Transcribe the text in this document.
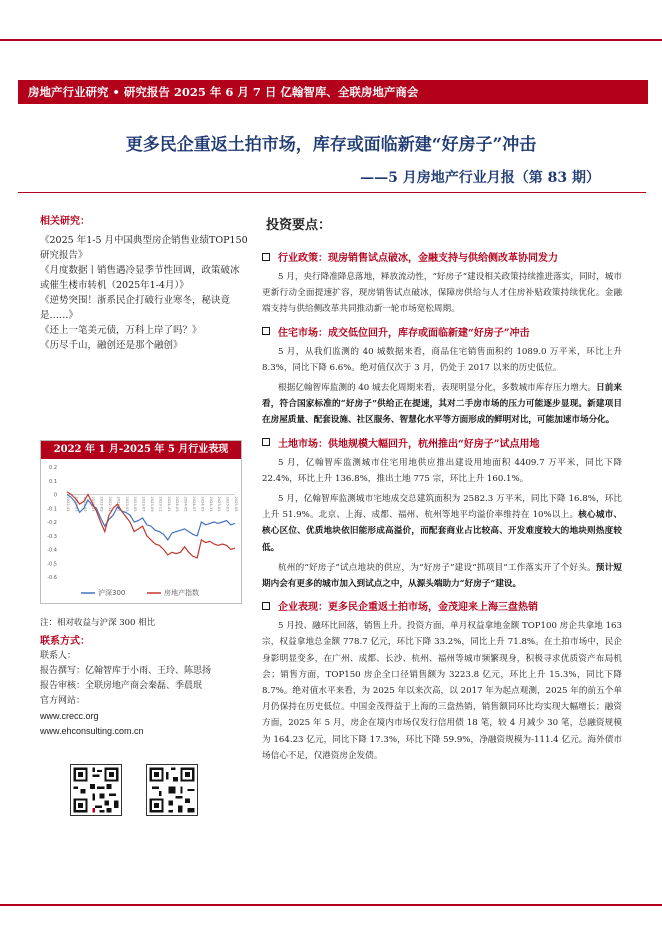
房地产行业研究 • 研究报告 2025 年 6 月 7 日 亿翰智库、全联房地产商会
更多民企重返土拍市场，库存或面临新建“好房子”冲击
——5 月房地产行业月报（第 83 期）
相关研究：
《2025 年1-5 月中国典型房企销售业绩TOP150研究报告》
《月度数据丨销售遇冷显季节性回调，政策破冰或催生楼市转机（2025年1-4月）》
《逆势突围！浙系民企打破行业寒冬，秘诀竟是……》
《还上一笔美元债，万科上岸了吗？》
《历尽千山，融创还是那个融创》
2022 年 1 月-2025 年 5 月行业表现
0.2
0.1
0
-0.1
-0.2
-0.3
-0.4
-0.5
-0.6
2022-01 2022-03 2022-05 2022-07 2022-09 2022-11 2023-01 2023-03 2023-05 2023-07 2023-09 2023-11 2024-01 2024-03 2024-05 2024-07 2024-09 2024-11 2025-01 2025-03 2025-05
沪深300	房地产指数
注：相对收益与沪深 300 相比
联系方式：
联系人：
报告撰写：亿翰智库于小雨、王玲、陈思扬
报告审核：全联房地产商会秦磊、季晨珉
官方网站：
www.crecc.org
www.ehconsulting.com.cn
投资要点：
行业政策：现房销售试点破冰，金融支持与供给侧改革协同发力

5 月，央行降准降息落地，释放流动性，“好房子”建设相关政策持续推进落实，同时，城市更新行动全面提速扩容，现房销售试点破冰，保障房供给与人才住房补贴政策持续优化。金融端支持与供给侧改革共同推动新一轮市场宽松周期。

住宅市场：成交低位回升，库存或面临新建“好房子”冲击

5 月，从我们监测的 40 城数据来看，商品住宅销售面积约 1089.0 万平米，环比上升 8.3%，同比下降 6.6%。绝对值仅次于 3 月，仍处于 2017 以来的历史低位。

根据亿翰智库监测的 40 城去化周期来看，表现明显分化，多数城市库存压力增大。日前来看，符合国家标准的“好房子”供给正在提速，其对二手房市场的压力可能逐步显现。新建项目在房屋质量、配套设施、社区服务、智慧化水平等方面形成的鲜明对比，可能加速市场分化。

土地市场：供地规模大幅回升，杭州推出“好房子”试点用地

5 月，亿翰智库监测城市住宅用地供应推出建设用地面积 4409.7 万平米，同比下降 22.4%，环比上升 136.8%，推出土地 775 宗，环比上升 160.1%。

5 月，亿翰智库监测城市宅地成交总建筑面积为 2582.3 万平米，同比下降 16.8%，环比上升 51.9%。北京、上海、成都、福州、杭州等地平均溢价率维持在 10%以上。核心城市、核心区位、优质地块依旧能形成高溢价，而配套商业占比较高、开发难度较大的地块则热度较低。

杭州的“好房子”试点地块的供应，为“好房子”建设“抓项目”工作落实开了个好头。预计短期内会有更多的城市加入到试点之中，从源头端助力“好房子”建设。

企业表现：更多民企重返土拍市场，金茂迎来上海三盘热销

5 月投、融环比回落，销售上升。投资方面，单月权益拿地金额 TOP100 房企共拿地 163 宗，权益拿地总金额 778.7 亿元，环比下降 33.2%，同比上升 71.8%。在土拍市场中，民企身影明显变多，在广州、成都、长沙、杭州、福州等城市频繁现身，积极寻求优质资产布局机会；销售方面，TOP150 房企全口径销售额为 3223.8 亿元，环比上升 15.3%，同比下降 8.7%。绝对值水平来看，为 2025 年以来次高，以 2017 年为起点观测，2025 年的前五个单月仍保持在历史低位。中国金茂得益于上海的三盘热销，销售额同环比均实现大幅增长；融资方面，2025 年 5 月，房企在境内市场仅发行信用债 18 笔，较 4 月减少 30 笔，总融资规模为 164.23 亿元，同比下降 17.3%，环比下降 59.9%，净融资规模为-111.4 亿元。海外债市场信心不足，仅港资房企发债。
